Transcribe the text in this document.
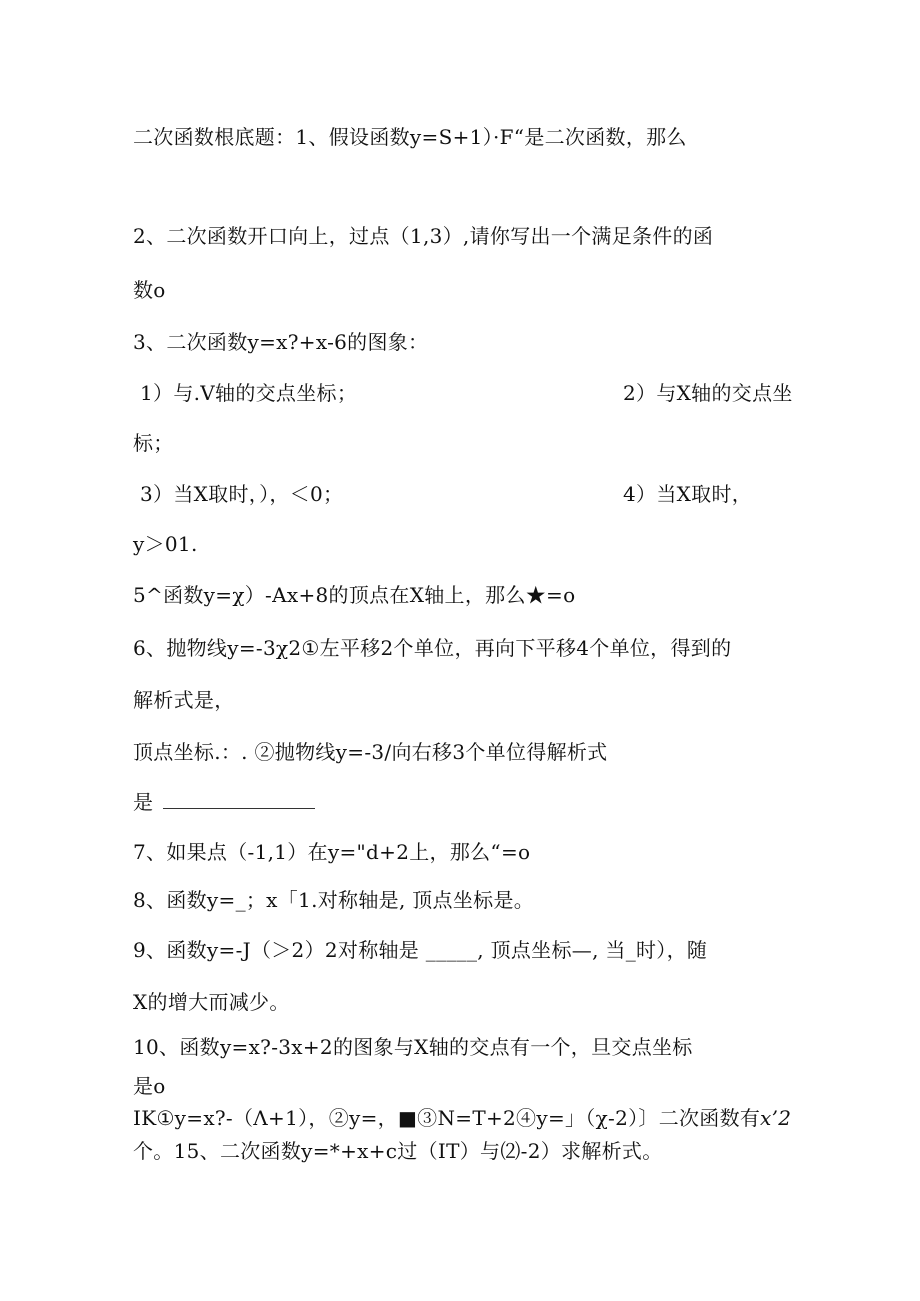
二次函数根底题：1、假设函数y=S+1）·F“是二次函数，那么
2、二次函数开口向上，过点（1,3）,请你写出一个满足条件的函
数o
3、二次函数y=x?+x-6的图象：
1）与.V轴的交点坐标；	2）与X轴的交点坐
标；
3）当X取时，），＜0；	4）当X取时，
y＞01.
5^函数y=χ）-Ax+8的顶点在X轴上，那么★=o
6、抛物线y=-3χ2①左平移2个单位，再向下平移4个单位，得到的
解析式是，
顶点坐标.：. ②抛物线y=-3/向右移3个单位得解析式
是
7、如果点（-1,1）在y="d+2上，那么“=o
8、函数y=_；x「1.对称轴是, 顶点坐标是。
9、函数y=-J（＞2）2对称轴是 _____, 顶点坐标—, 当_时），随
X的增大而减少。
10、函数y=x?-3x+2的图象与X轴的交点有一个，旦交点坐标
是o
IK①y=x?-（Λ+1），②y=，■③N=T+2④y=」（χ-2）〕二次函数有 x’2
个。15、二次函数y=*+x+c过（IT）与⑵-2）求解析式。
